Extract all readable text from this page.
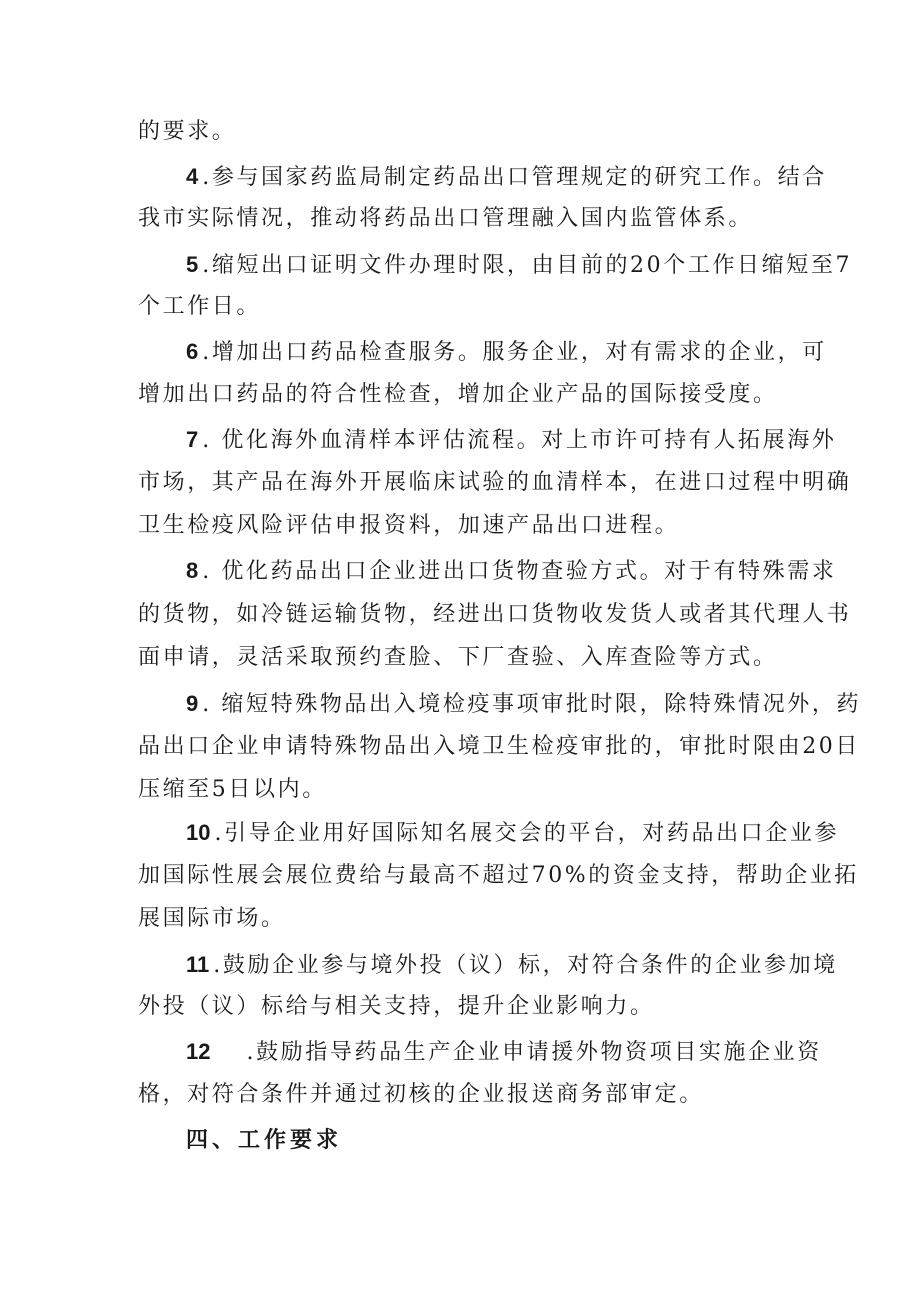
的要求。
4 .参与国家药监局制定药品出口管理规定的研究工作。结合
我市实际情况，推动将药品出口管理融入国内监管体系。
5 .缩短出口证明文件办理时限，由目前的20个工作日缩短至7
个工作日。
6 .增加出口药品检查服务。服务企业，对有需求的企业，可
增加出口药品的符合性检查，增加企业产品的国际接受度。
7 . 优化海外血清样本评估流程。对上市许可持有人拓展海外
市场，其产品在海外开展临床试验的血清样本，在进口过程中明确
卫生检疫风险评估申报资料，加速产品出口进程。
8 . 优化药品出口企业进出口货物查验方式。对于有特殊需求
的货物，如冷链运输货物，经进出口货物收发货人或者其代理人书
面申请，灵活采取预约查脸、下厂查验、入库查险等方式。
9 . 缩短特殊物品出入境检疫事项审批时限，除特殊情况外，药
品出口企业申请特殊物品出入境卫生检疫审批的，审批时限由20日
压缩至5日以内。
10 .引导企业用好国际知名展交会的平台，对药品出口企业参
加国际性展会展位费给与最高不超过70%的资金支持，帮助企业拓
展国际市场。
11 .鼓励企业参与境外投（议）标，对符合条件的企业参加境
外投（议）标给与相关支持，提升企业影响力。
12 .鼓励指导药品生产企业申请援外物资项目实施企业资
格，对符合条件并通过初核的企业报送商务部审定。
四、工作要求
